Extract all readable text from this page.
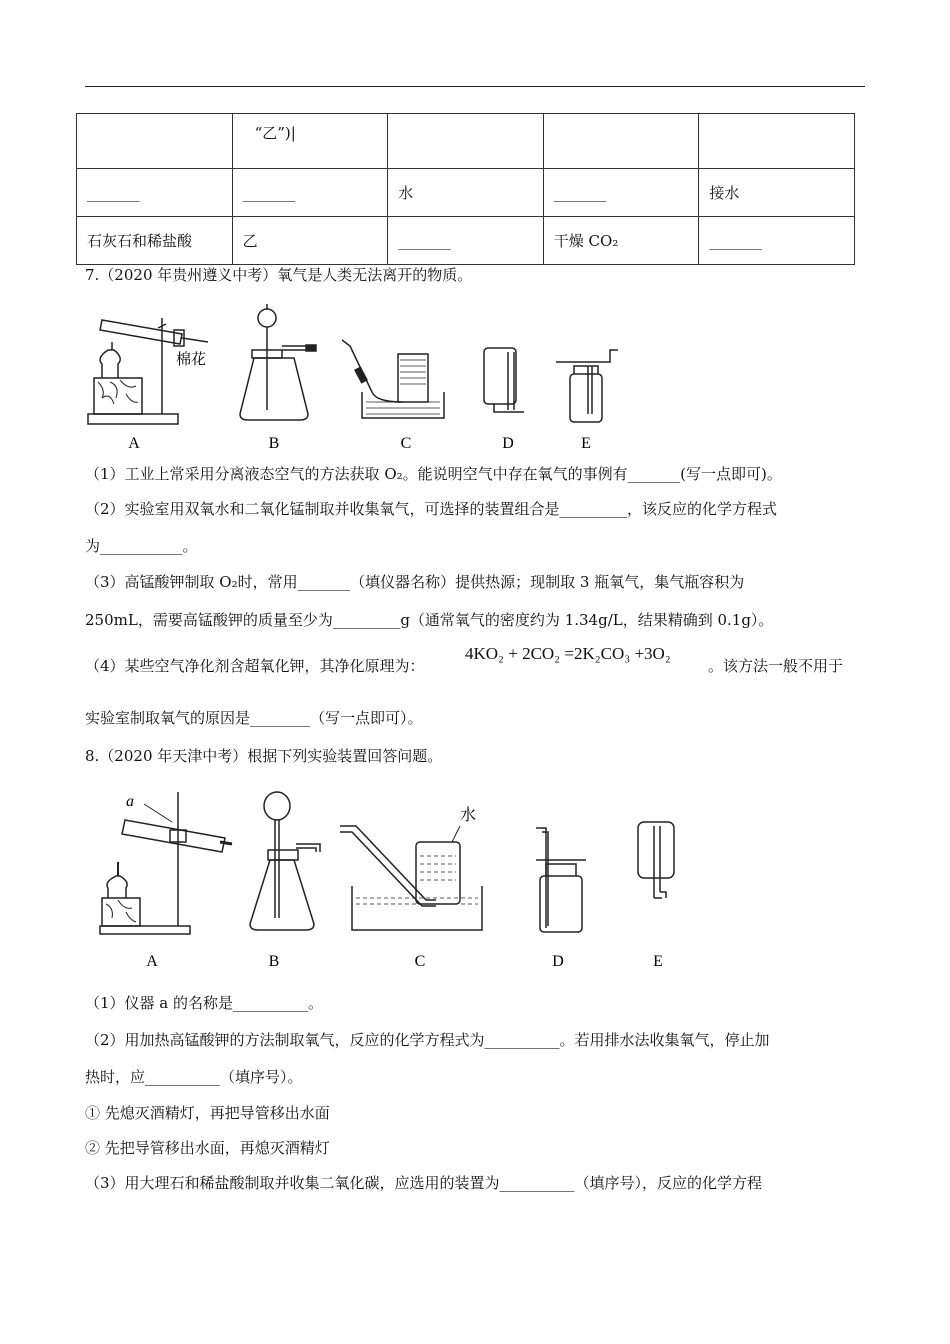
	“乙”)|			
_______	_______	水	_______	接水
石灰石和稀盐酸	乙	_______	干燥 CO₂	_______
7.（2020 年贵州遵义中考）氧气是人类无法离开的物质。
棉花
A	B	C	D	E
（1）工业上常采用分离液态空气的方法获取 O₂。能说明空气中存在氧气的事例有_______(写一点即可)。
（2）实验室用双氧水和二氧化锰制取并收集氧气，可选择的装置组合是_________，该反应的化学方程式
为___________。
（3）高锰酸钾制取 O₂时，常用_______（填仪器名称）提供热源；现制取 3 瓶氧气，集气瓶容积为
250mL，需要高锰酸钾的质量至少为_________g（通常氧气的密度约为 1.34g/L，结果精确到 0.1g）。
（4）某些空气净化剂含超氧化钾，其净化原理为：
4KO₂ + 2CO₂ =2K₂CO₃ +3O₂
。该方法一般不用于
实验室制取氧气的原因是________（写一点即可）。
8.（2020 年天津中考）根据下列实验装置回答问题。
a
水
A	B	C	D	E
（1）仪器 a 的名称是__________。
（2）用加热高锰酸钾的方法制取氧气，反应的化学方程式为__________。若用排水法收集氧气，停止加
热时，应__________（填序号）。
① 先熄灭酒精灯，再把导管移出水面
② 先把导管移出水面，再熄灭酒精灯
（3）用大理石和稀盐酸制取并收集二氧化碳，应选用的装置为__________（填序号），反应的化学方程
